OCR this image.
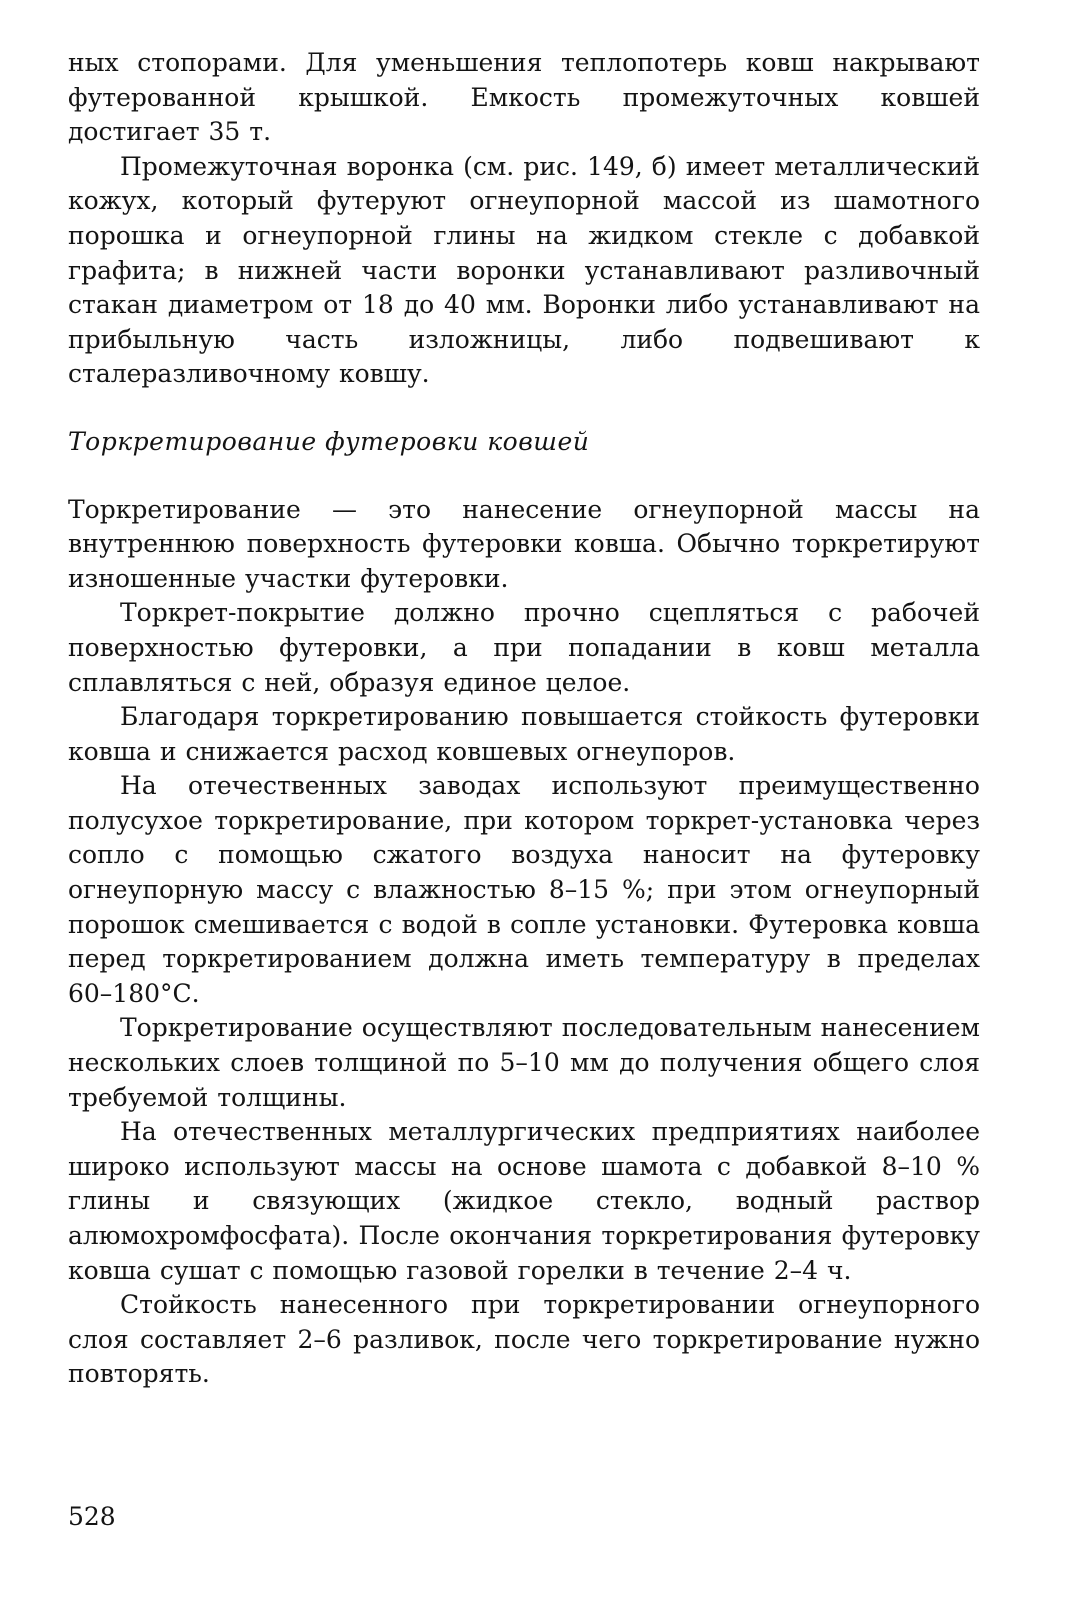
ных стопорами. Для уменьшения теплопотерь ковш накрывают футерованной крышкой. Емкость промежуточных ковшей достигает 35 т.

Промежуточная воронка (см. рис. 149, б) имеет металлический кожух, который футеруют огнеупорной массой из шамотного порошка и огнеупорной глины на жидком стекле с добавкой графита; в нижней части воронки устанавливают разливочный стакан диаметром от 18 до 40 мм. Воронки либо устанавливают на прибыльную часть изложницы, либо подвешивают к сталеразливочному ковшу.

Торкретирование футеровки ковшей

Торкретирование — это нанесение огнеупорной массы на внутреннюю поверхность футеровки ковша. Обычно торкретируют изношенные участки футеровки.

Торкрет-покрытие должно прочно сцепляться с рабочей поверхностью футеровки, а при попадании в ковш металла сплавляться с ней, образуя единое целое.

Благодаря торкретированию повышается стойкость футеровки ковша и снижается расход ковшевых огнеупоров.

На отечественных заводах используют преимущественно полусухое торкретирование, при котором торкрет-установка через сопло с помощью сжатого воздуха наносит на футеровку огнеупорную массу с влажностью 8–15 %; при этом огнеупорный порошок смешивается с водой в сопле установки. Футеровка ковша перед торкретированием должна иметь температуру в пределах 60–180°С.

Торкретирование осуществляют последовательным нанесением нескольких слоев толщиной по 5–10 мм до получения общего слоя требуемой толщины.

На отечественных металлургических предприятиях наиболее широко используют массы на основе шамота с добавкой 8–10 % глины и связующих (жидкое стекло, водный раствор алюмохромфосфата). После окончания торкретирования футеровку ковша сушат с помощью газовой горелки в течение 2–4 ч.

Стойкость нанесенного при торкретировании огнеупорного слоя составляет 2–6 разливок, после чего торкретирование нужно повторять.

528
